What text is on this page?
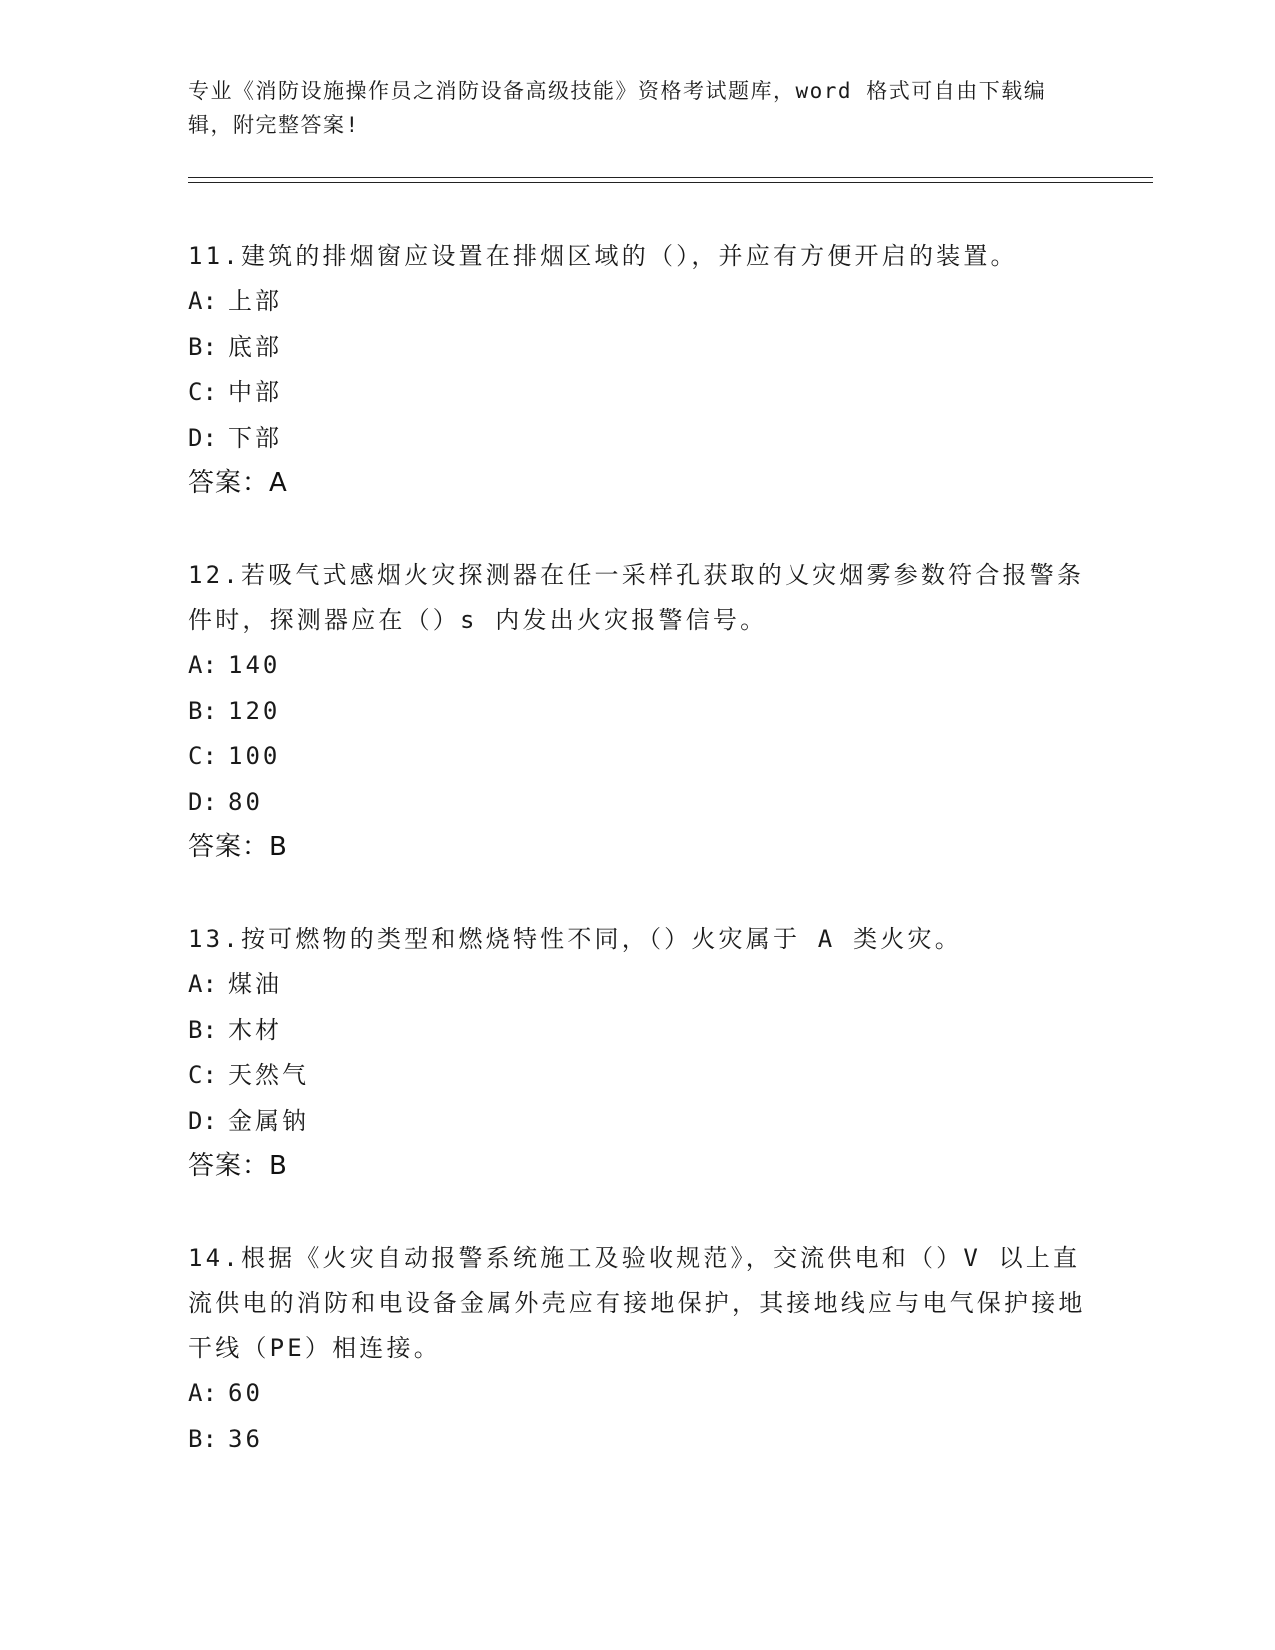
专业《消防设施操作员之消防设备高级技能》资格考试题库，word 格式可自由下载编辑，附完整答案!

11.建筑的排烟窗应设置在排烟区域的（），并应有方便开启的装置。

A: 上部

B: 底部

C: 中部

D: 下部

答案：A

12.若吸气式感烟火灾探测器在任一采样孔获取的乂灾烟雾参数符合报警条件时，探测器应在（）s 内发出火灾报警信号。

A: 140

B: 120

C: 100

D: 80

答案：B

13.按可燃物的类型和燃烧特性不同，（）火灾属于 A 类火灾。

A: 煤油

B: 木材

C: 天然气

D: 金属钠

答案：B

14.根据《火灾自动报警系统施工及验收规范》，交流供电和（）V 以上直流供电的消防和电设备金属外壳应有接地保护，其接地线应与电气保护接地干线（PE）相连接。

A: 60

B: 36
